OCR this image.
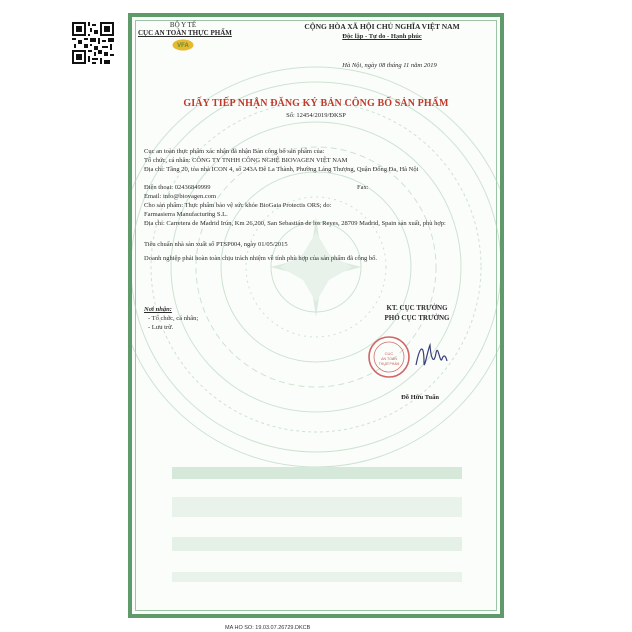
BỘ Y TẾ
CỤC AN TOÀN THỰC PHẨM
VFA
CỘNG HÒA XÃ HỘI CHỦ NGHĨA VIỆT NAM
Độc lập - Tự do - Hạnh phúc
Hà Nội, ngày 08 tháng 11 năm 2019
GIẤY TIẾP NHẬN ĐĂNG KÝ BẢN CÔNG BỐ SẢN PHẨM
Số: 12454/2019/ĐKSP
Cục an toàn thực phẩm xác nhận đã nhận Bản công bố sản phẩm của:
Tổ chức, cá nhân: CÔNG TY TNHH CÔNG NGHỆ BIOVAGEN VIỆT NAM
Địa chỉ: Tầng 20, tòa nhà ICON 4, số 243A Đê La Thành, Phường Láng Thượng, Quận Đống Đa, Hà Nội
Điện thoại: 02436849999	Fax:
Email: info@biovagen.com
Cho sản phẩm: Thực phẩm bảo vệ sức khỏe BioGaia Protectis ORS; do:
Farmasierra Manufacturing S.L.
Địa chỉ: Carretera de Madrid Irún, Km 26,200, San Sebastián de los Reyes, 28709 Madrid, Spain sản xuất, phù hợp:
Tiêu chuẩn nhà sản xuất số PTSP004, ngày 01/05/2015
Doanh nghiệp phải hoàn toàn chịu trách nhiệm về tính phù hợp của sản phẩm đã công bố.
Nơi nhận:
- Tổ chức, cá nhân;
- Lưu trữ.
KT. CỤC TRƯỞNG
PHÓ CỤC TRƯỞNG
CỤC
AN TOÀN
THỰC PHẨM
Đỗ Hữu Tuấn
MA HO SO: 19.03.07.26729.DKCB
